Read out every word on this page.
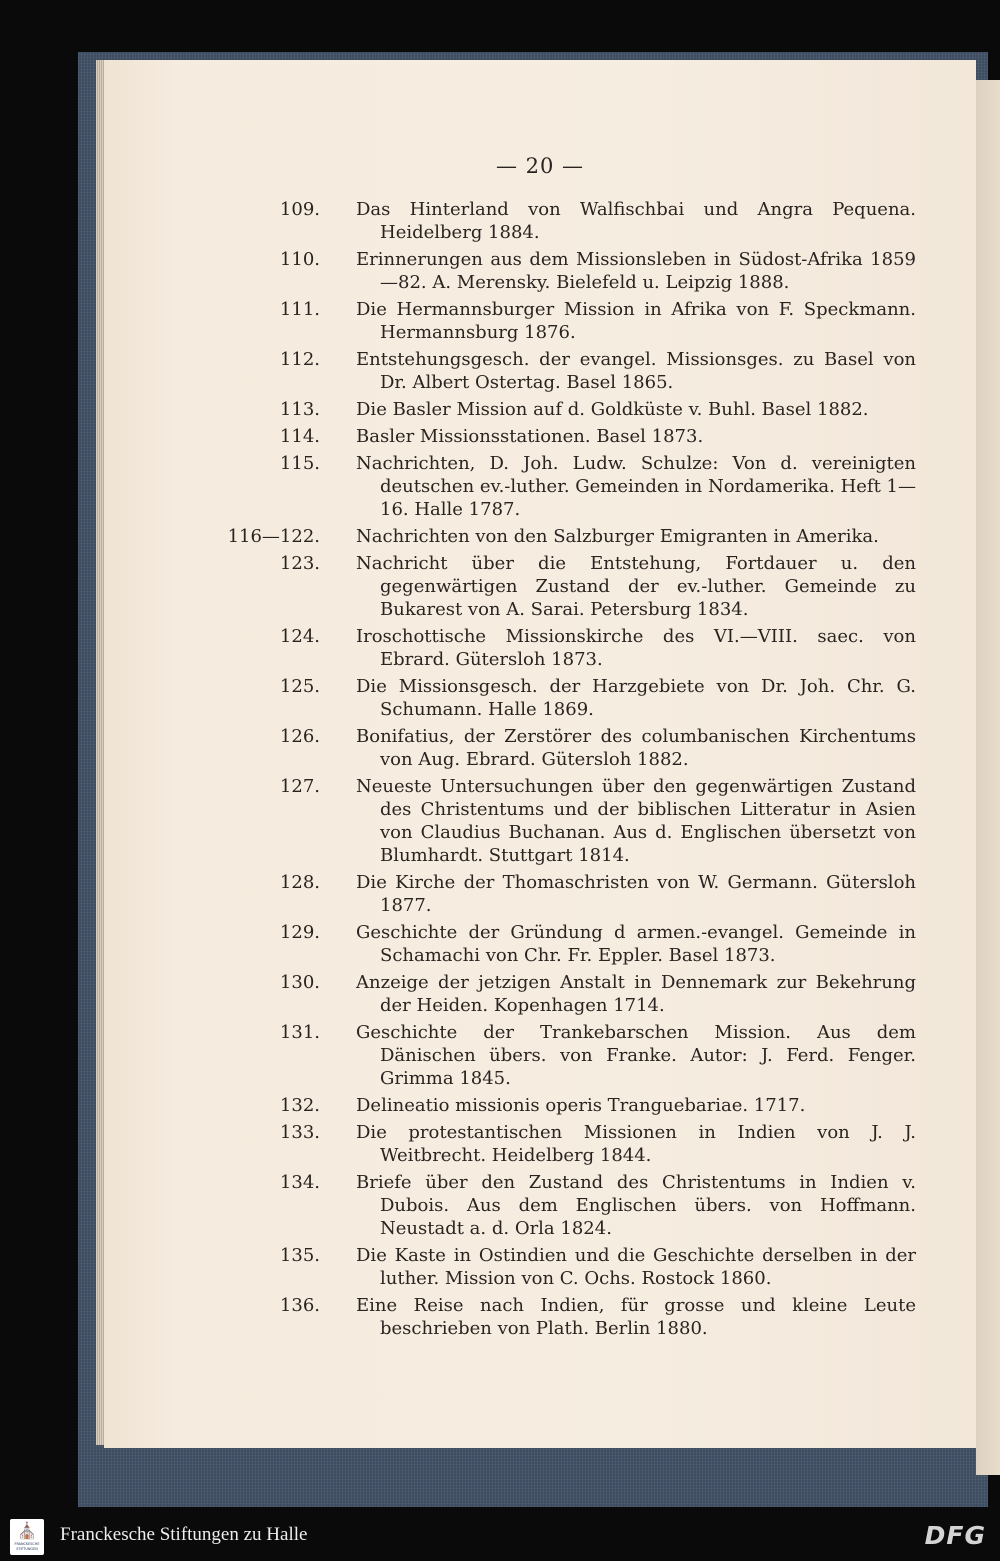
— 20 —
109. Das Hinterland von Walfischbai und Angra Pequena. Heidelberg 1884.
110. Erinnerungen aus dem Missionsleben in Südost-Afrika 1859—82. A. Merensky. Bielefeld u. Leipzig 1888.
111. Die Hermannsburger Mission in Afrika von F. Speckmann. Hermannsburg 1876.
112. Entstehungsgesch. der evangel. Missionsges. zu Basel von Dr. Albert Ostertag. Basel 1865.
113. Die Basler Mission auf d. Goldküste v. Buhl. Basel 1882.
114. Basler Missionsstationen. Basel 1873.
115. Nachrichten, D. Joh. Ludw. Schulze: Von d. vereinigten deutschen ev.-luther. Gemeinden in Nordamerika. Heft 1—16. Halle 1787.
116—122. Nachrichten von den Salzburger Emigranten in Amerika.
123. Nachricht über die Entstehung, Fortdauer u. den gegenwärtigen Zustand der ev.-luther. Gemeinde zu Bukarest von A. Sarai. Petersburg 1834.
124. Iroschottische Missionskirche des VI.—VIII. saec. von Ebrard. Gütersloh 1873.
125. Die Missionsgesch. der Harzgebiete von Dr. Joh. Chr. G. Schumann. Halle 1869.
126. Bonifatius, der Zerstörer des columbanischen Kirchentums von Aug. Ebrard. Gütersloh 1882.
127. Neueste Untersuchungen über den gegenwärtigen Zustand des Christentums und der biblischen Litteratur in Asien von Claudius Buchanan. Aus d. Englischen übersetzt von Blumhardt. Stuttgart 1814.
128. Die Kirche der Thomaschristen von W. Germann. Gütersloh 1877.
129. Geschichte der Gründung d armen.-evangel. Gemeinde in Schamachi von Chr. Fr. Eppler. Basel 1873.
130. Anzeige der jetzigen Anstalt in Dennemark zur Bekehrung der Heiden. Kopenhagen 1714.
131. Geschichte der Trankebarschen Mission. Aus dem Dänischen übers. von Franke. Autor: J. Ferd. Fenger. Grimma 1845.
132. Delineatio missionis operis Tranguebariae. 1717.
133. Die protestantischen Missionen in Indien von J. J. Weitbrecht. Heidelberg 1844.
134. Briefe über den Zustand des Christentums in Indien v. Dubois. Aus dem Englischen übers. von Hoffmann. Neustadt a. d. Orla 1824.
135. Die Kaste in Ostindien und die Geschichte derselben in der luther. Mission von C. Ochs. Rostock 1860.
136. Eine Reise nach Indien, für grosse und kleine Leute beschrieben von Plath. Berlin 1880.
⛪
FRANCKESCHE STIFTUNGEN
Franckesche Stiftungen zu Halle	DFG
